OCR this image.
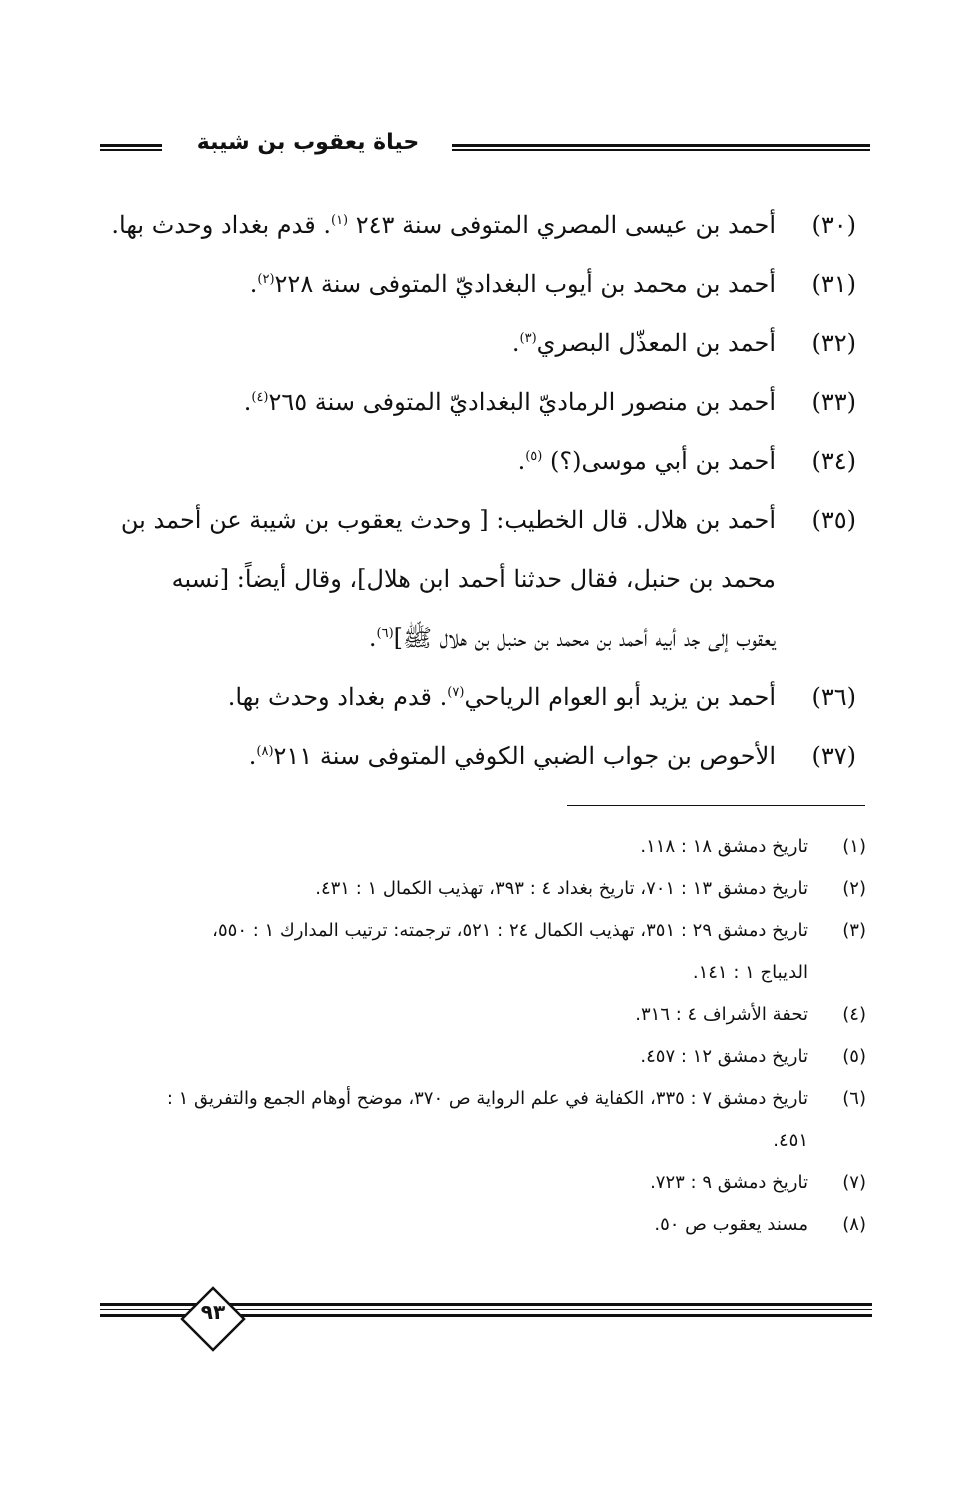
حياة يعقوب بن شيبة
(٣٠)
أحمد بن عيسى المصري المتوفى سنة ٢٤٣ $^{(١)}$. قدم بغداد وحدث بها.
(٣١)
أحمد بن محمد بن أيوب البغداديّ المتوفى سنة ٢٢٨$^{(٢)}$.
(٣٢)
أحمد بن المعذّل البصري$^{(٣)}$.
(٣٣)
أحمد بن منصور الرماديّ البغداديّ المتوفى سنة ٢٦٥$^{(٤)}$.
(٣٤)
أحمد بن أبي موسى(؟) $^{(٥)}$.
(٣٥)
أحمد بن هلال. قال الخطيب: [ وحدث يعقوب بن شيبة عن أحمد بن
محمد بن حنبل، فقال حدثنا أحمد ابن هلال]، وقال أيضاً: [نسبه
يعقوب إلى جد أبيه أحمد بن محمد بن حنبل بن هلال ﷺ]$^{(٦)}$.
(٣٦)
أحمد بن يزيد أبو العوام الرياحي$^{(٧)}$. قدم بغداد وحدث بها.
(٣٧)
الأحوص بن جواب الضبي الكوفي المتوفى سنة ٢١١$^{(٨)}$.
(١)
تاريخ دمشق ١٨ : ١١٨.
(٢)
تاريخ دمشق ١٣ : ٧٠١، تاريخ بغداد ٤ : ٣٩٣، تهذيب الكمال ١ : ٤٣١.
(٣)
تاريخ دمشق ٢٩ : ٣٥١، تهذيب الكمال ٢٤ : ٥٢١، ترجمته: ترتيب المدارك ١ : ٥٥٠،
الديباج ١ : ١٤١.
(٤)
تحفة الأشراف ٤ : ٣١٦.
(٥)
تاريخ دمشق ١٢ : ٤٥٧.
(٦)
تاريخ دمشق ٧ : ٣٣٥، الكفاية في علم الرواية ص ٣٧٠، موضح أوهام الجمع والتفريق ١ :
٤٥١.
(٧)
تاريخ دمشق ٩ : ٧٢٣.
(٨)
مسند يعقوب ص ٥٠.
٩٣
